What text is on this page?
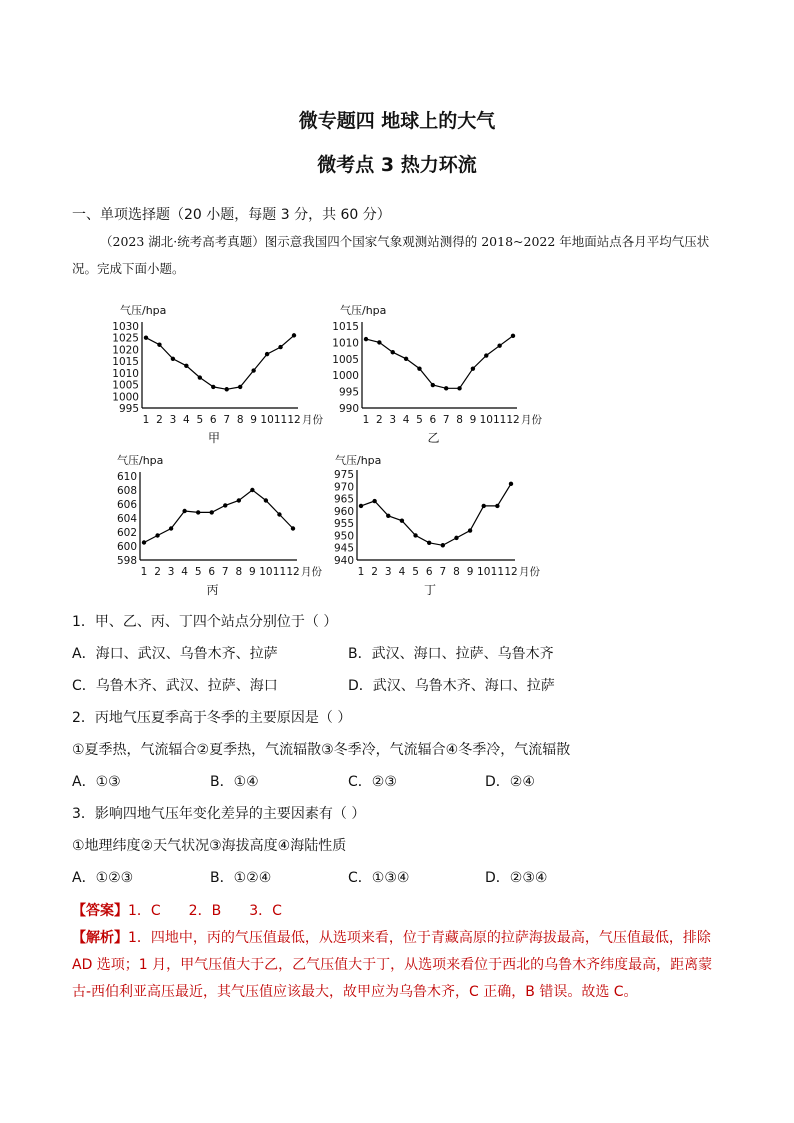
微专题四 地球上的大气
微考点 3 热力环流
一、单项选择题（20 小题，每题 3 分，共 60 分）
（2023 湖北·统考高考真题）图示意我国四个国家气象观测站测得的 2018~2022 年地面站点各月平均气压状况。完成下面小题。
气压/hpa
1030
1025
1020
1015
1010
1005
1000
995
1 2 3 4 5 6 7 8 9 10 11 12 月份
甲
气压/hpa
1015
1010
1005
1000
995
990
1 2 3 4 5 6 7 8 9 10 11 12 月份
乙
气压/hpa
610
608
606
604
602
600
598
1 2 3 4 5 6 7 8 9 10 11 12 月份
丙
气压/hpa
975
970
965
960
955
950
945
940
1 2 3 4 5 6 7 8 9 10 11 12 月份
丁
1．甲、乙、丙、丁四个站点分别位于（ ）
A．海口、武汉、乌鲁木齐、拉萨	B．武汉、海口、拉萨、乌鲁木齐
C．乌鲁木齐、武汉、拉萨、海口	D．武汉、乌鲁木齐、海口、拉萨
2．丙地气压夏季高于冬季的主要原因是（ ）
①夏季热，气流辐合②夏季热，气流辐散③冬季冷，气流辐合④冬季冷，气流辐散
A．①③	B．①④	C．②③	D．②④
3．影响四地气压年变化差异的主要因素有（ ）
①地理纬度②天气状况③海拔高度④海陆性质
A．①②③	B．①②④	C．①③④	D．②③④
【答案】1．C　　2．B　　3．C
【解析】1．四地中，丙的气压值最低，从选项来看，位于青藏高原的拉萨海拔最高，气压值最低，排除 AD 选项；1 月，甲气压值大于乙，乙气压值大于丁，从选项来看位于西北的乌鲁木齐纬度最高，距离蒙古-西伯利亚高压最近，其气压值应该最大，故甲应为乌鲁木齐，C 正确，B 错误。故选 C。
